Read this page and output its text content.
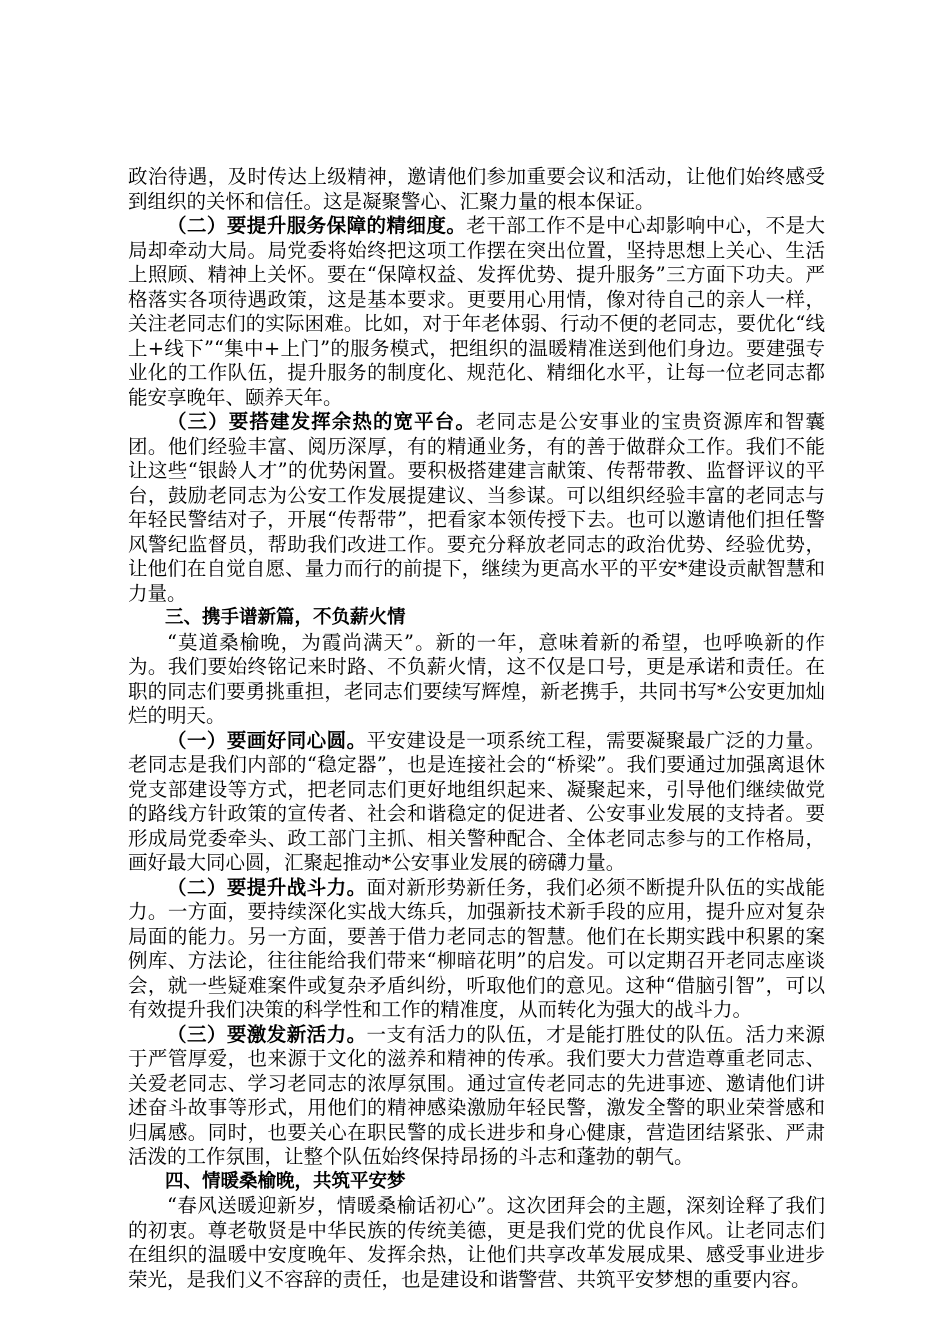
政治待遇，及时传达上级精神，邀请他们参加重要会议和活动，让他们始终感受到组织的关怀和信任。这是凝聚警心、汇聚力量的根本保证。

（二）要提升服务保障的精细度。老干部工作不是中心却影响中心，不是大局却牵动大局。局党委将始终把这项工作摆在突出位置，坚持思想上关心、生活上照顾、精神上关怀。要在“保障权益、发挥优势、提升服务”三方面下功夫。严格落实各项待遇政策，这是基本要求。更要用心用情，像对待自己的亲人一样，关注老同志们的实际困难。比如，对于年老体弱、行动不便的老同志，要优化“线上+线下”“集中+上门”的服务模式，把组织的温暖精准送到他们身边。要建强专业化的工作队伍，提升服务的制度化、规范化、精细化水平，让每一位老同志都能安享晚年、颐养天年。

（三）要搭建发挥余热的宽平台。老同志是公安事业的宝贵资源库和智囊团。他们经验丰富、阅历深厚，有的精通业务，有的善于做群众工作。我们不能让这些“银龄人才”的优势闲置。要积极搭建建言献策、传帮带教、监督评议的平台，鼓励老同志为公安工作发展提建议、当参谋。可以组织经验丰富的老同志与年轻民警结对子，开展“传帮带”，把看家本领传授下去。也可以邀请他们担任警风警纪监督员，帮助我们改进工作。要充分释放老同志的政治优势、经验优势，让他们在自觉自愿、量力而行的前提下，继续为更高水平的平安*建设贡献智慧和力量。

三、携手谱新篇，不负薪火情

“莫道桑榆晚，为霞尚满天”。新的一年，意味着新的希望，也呼唤新的作为。我们要始终铭记来时路、不负薪火情，这不仅是口号，更是承诺和责任。在职的同志们要勇挑重担，老同志们要续写辉煌，新老携手，共同书写*公安更加灿烂的明天。

（一）要画好同心圆。平安建设是一项系统工程，需要凝聚最广泛的力量。老同志是我们内部的“稳定器”，也是连接社会的“桥梁”。我们要通过加强离退休党支部建设等方式，把老同志们更好地组织起来、凝聚起来，引导他们继续做党的路线方针政策的宣传者、社会和谐稳定的促进者、公安事业发展的支持者。要形成局党委牵头、政工部门主抓、相关警种配合、全体老同志参与的工作格局，画好最大同心圆，汇聚起推动*公安事业发展的磅礴力量。

（二）要提升战斗力。面对新形势新任务，我们必须不断提升队伍的实战能力。一方面，要持续深化实战大练兵，加强新技术新手段的应用，提升应对复杂局面的能力。另一方面，要善于借力老同志的智慧。他们在长期实践中积累的案例库、方法论，往往能给我们带来“柳暗花明”的启发。可以定期召开老同志座谈会，就一些疑难案件或复杂矛盾纠纷，听取他们的意见。这种“借脑引智”，可以有效提升我们决策的科学性和工作的精准度，从而转化为强大的战斗力。

（三）要激发新活力。一支有活力的队伍，才是能打胜仗的队伍。活力来源于严管厚爱，也来源于文化的滋养和精神的传承。我们要大力营造尊重老同志、关爱老同志、学习老同志的浓厚氛围。通过宣传老同志的先进事迹、邀请他们讲述奋斗故事等形式，用他们的精神感染激励年轻民警，激发全警的职业荣誉感和归属感。同时，也要关心在职民警的成长进步和身心健康，营造团结紧张、严肃活泼的工作氛围，让整个队伍始终保持昂扬的斗志和蓬勃的朝气。

四、情暖桑榆晚，共筑平安梦

“春风送暖迎新岁，情暖桑榆话初心”。这次团拜会的主题，深刻诠释了我们的初衷。尊老敬贤是中华民族的传统美德，更是我们党的优良作风。让老同志们在组织的温暖中安度晚年、发挥余热，让他们共享改革发展成果、感受事业进步荣光，是我们义不容辞的责任，也是建设和谐警营、共筑平安梦想的重要内容。
